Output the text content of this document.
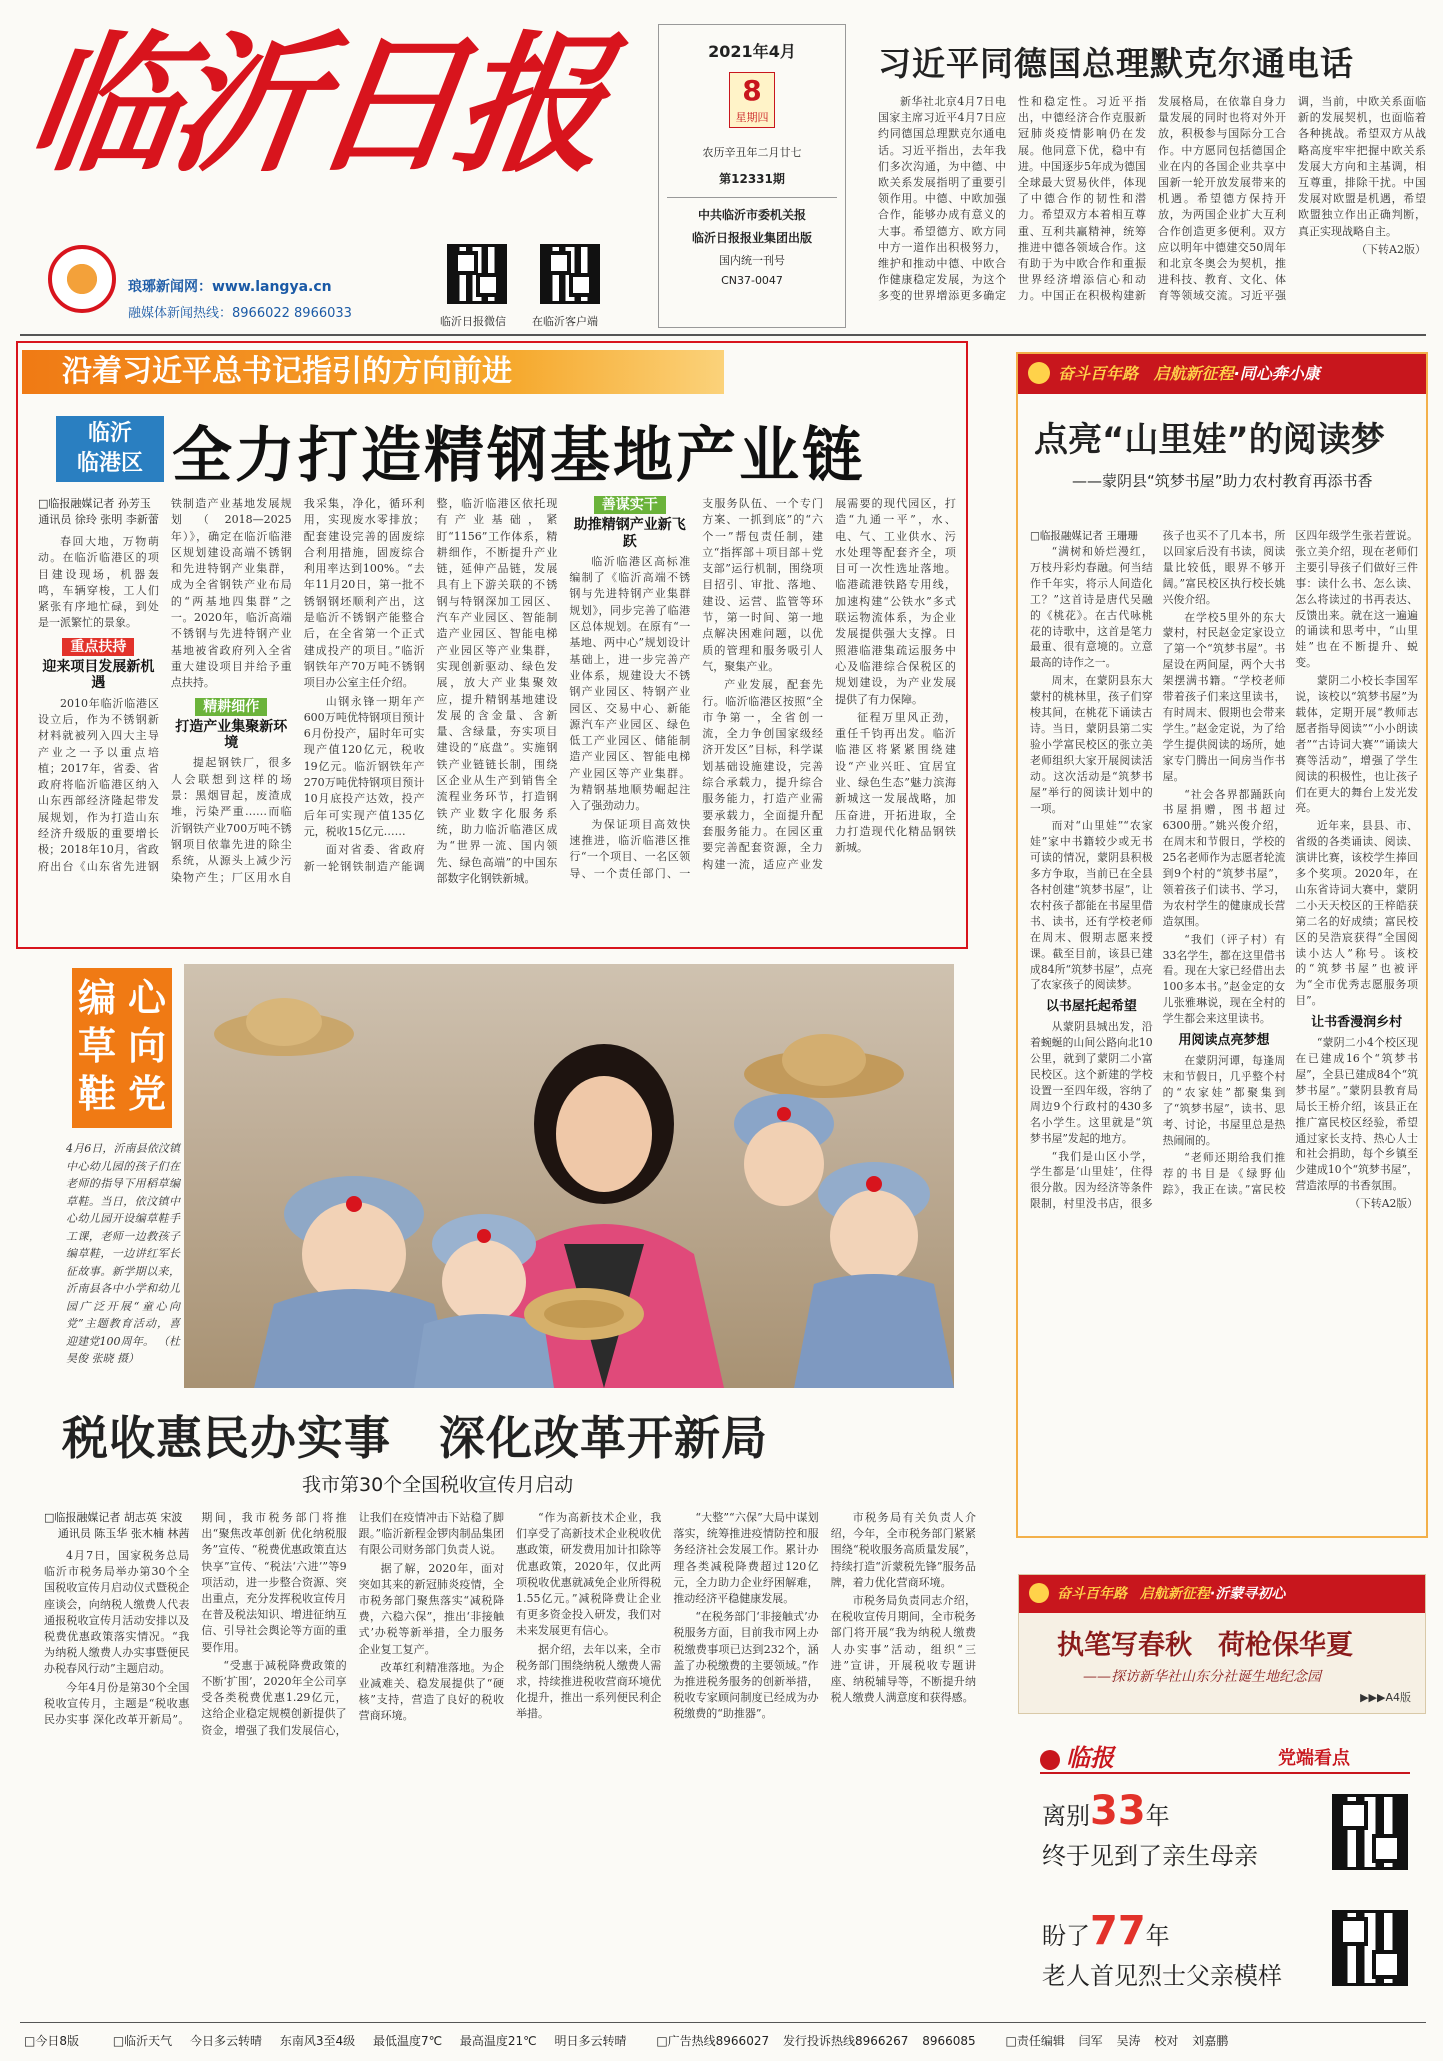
临沂日报
琅琊新闻网：www.langya.cn
融媒体新闻热线：8966022 8966033
临沂日报微信 在临沂客户端
2021年4月
8
星期四
农历辛丑年二月廿七
第12331期
中共临沂市委机关报
临沂日报报业集团出版
国内统一刊号
CN37-0047
习近平同德国总理默克尔通电话

新华社北京4月7日电 国家主席习近平4月7日应约同德国总理默克尔通电话。习近平指出，去年我们多次沟通，为中德、中欧关系发展指明了重要引领作用。中德、中欧加强合作，能够办成有意义的大事。希望德方、欧方同中方一道作出积极努力，维护和推动中德、中欧合作健康稳定发展，为这个多变的世界增添更多确定性和稳定性。习近平指出，中德经济合作克服新冠肺炎疫情影响仍在发展。他同意下优，稳中有进。中国逐步5年成为德国全球最大贸易伙伴，体现了中德合作的韧性和潜力。希望双方本着相互尊重、互利共赢精神，统筹推进中德各领域合作。这有助于为中欧合作和重振世界经济增添信心和动力。中国正在积极构建新发展格局，在依靠自身力量发展的同时也将对外开放，积极参与国际分工合作。中方愿同包括德国企业在内的各国企业共享中国新一轮开放发展带来的机遇。希望德方保持开放，为两国企业扩大互利合作创造更多便利。双方应以明年中德建交50周年和北京冬奥会为契机，推进科技、教育、文化、体育等领域交流。习近平强调，当前，中欧关系面临新的发展契机，也面临着各种挑战。希望双方从战略高度牢牢把握中欧关系发展大方向和主基调，相互尊重，排除干扰。中国发展对欧盟是机遇，希望欧盟独立作出正确判断，真正实现战略自主。

（下转A2版）

沿着习近平总书记指引的方向前进
临沂
临港区 全力打造精钢基地产业链
□临报融媒记者 孙芳玉
通讯员 徐玲 张明 李新蕾

春回大地，万物萌动。在临沂临港区的项目建设现场，机器轰鸣，车辆穿梭，工人们紧张有序地忙碌，到处是一派繁忙的景象。

重点扶持
迎来项目发展新机遇

2010年临沂临港区设立后，作为不锈钢新材料就被列入四大主导产业之一予以重点培植；2017年，省委、省政府将临沂临港区纳入山东西部经济隆起带发展规划，作为打造山东经济升级版的重要增长极；2018年10月，省政府出台《山东省先进钢铁制造产业基地发展规划（2018—2025年）》，确定在临沂临港区规划建设高端不锈钢和先进特钢产业集群，成为全省钢铁产业布局的“两基地四集群”之一。2020年，临沂高端不锈钢与先进特钢产业基地被省政府列入全省重大建设项目并给予重点扶持。

精耕细作
打造产业集聚新环境

提起钢铁厂，很多人会联想到这样的场景：黑烟冒起，废渣成堆，污染严重……而临沂钢铁产业700万吨不锈钢项目依靠先进的除尘系统，从源头上减少污染物产生；厂区用水自我采集，净化，循环利用，实现废水零排放；配套建设完善的固废综合利用措施，固废综合利用率达到100%。“去年11月20日，第一批不锈钢钢坯顺利产出，这是临沂不锈钢产能整合后，在全省第一个正式建成投产的项目。”临沂钢铁年产70万吨不锈钢项目办公室主任介绍。

山钢永锋一期年产600万吨优特钢项目预计6月份投产，届时年可实现产值120亿元，税收19亿元。临沂钢铁年产270万吨优特钢项目预计10月底投产达效，投产后年可实现产值135亿元，税收15亿元……

面对省委、省政府新一轮钢铁制造产能调整，临沂临港区依托现有产业基础，紧盯“1156”工作体系，精耕细作，不断提升产业链，延伸产品链，发展具有上下游关联的不锈钢与特钢深加工园区、汽车产业园区、智能制造产业园区、智能电梯产业园区等产业集群，实现创新驱动、绿色发展，放大产业集聚效应，提升精钢基地建设发展的含金量、含新量、含绿量，夯实项目建设的“底盘”。实施钢铁产业链链长制，围绕区企业从生产到销售全流程业务环节，打造钢铁产业数字化服务系统，助力临沂临港区成为“世界一流、国内领先、绿色高端”的中国东部数字化钢铁新城。

善谋实干
助推精钢产业新飞跃

临沂临港区高标准编制了《临沂高端不锈钢与先进特钢产业集群规划》，同步完善了临港区总体规划。在原有“一基地、两中心”规划设计基础上，进一步完善产业体系，规建设大不锈钢产业园区、特钢产业园区、交易中心、新能源汽车产业园区、绿色低工产业园区、储能制造产业园区、智能电梯产业园区等产业集群。为精钢基地顺势崛起注入了强劲动力。

为保证项目高效快速推进，临沂临港区推行“一个项目、一名区领导、一个责任部门、一支服务队伍、一个专门方案、一抓到底”的“六个一”帮包责任制，建立“指挥部＋项目部＋党支部”运行机制，围绕项目招引、审批、落地、建设、运营、监管等环节，第一时间、第一地点解决困难问题，以优质的管理和服务吸引人气，聚集产业。

产业发展，配套先行。临沂临港区按照“全市争第一，全省创一流，全力争创国家级经济开发区”目标，科学谋划基础设施建设，完善综合承载力，提升综合服务能力，打造产业需要承载力，全面提升配套服务能力。在园区重要完善配套资源，全力构建一流，适应产业发展需要的现代园区，打造“九通一平”，水、电、气、工业供水、污水处理等配套齐全，项目可一次性选址落地。临港疏港铁路专用线，加速构建“公铁水”多式联运物流体系，为企业发展提供强大支撑。日照港临港集疏运服务中心及临港综合保税区的规划建设，为产业发展提供了有力保障。

征程万里风正劲，重任千钧再出发。临沂临港区将紧紧围绕建设“产业兴旺、宜居宜业、绿色生态”魅力滨海新城这一发展战略，加压奋进，开拓进取，全力打造现代化精品钢铁新城。

心
向
党
编
草
鞋
4月6日，沂南县依汶镇中心幼儿园的孩子们在老师的指导下用稻草编草鞋。当日，依汶镇中心幼儿园开设编草鞋手工课，老师一边教孩子编草鞋，一边讲红军长征故事。新学期以来，沂南县各中小学和幼儿园广泛开展“童心向党”主题教育活动，喜迎建党100周年。 （杜昊俊 张晓 摄）
奋斗百年路 启航新征程·同心奔小康
点亮“山里娃”的阅读梦
——蒙阴县“筑梦书屋”助力农村教育再添书香
□临报融媒记者 王珊珊

“满树和娇烂漫红，万枝丹彩灼春融。何当结作千年实，将示人间造化工？”这首诗是唐代吴融的《桃花》。在古代咏桃花的诗歌中，这首是笔力最重、很有意境的。立意最高的诗作之一。

周末，在蒙阴县东大蒙村的桃林里，孩子们穿梭其间，在桃花下诵读古诗。当日，蒙阴县第二实验小学富民校区的张立美老师组织大家开展阅读活动。这次活动是“筑梦书屋”举行的阅读计划中的一项。

而对“山里娃”“农家娃”家中书籍较少或无书可读的情况，蒙阴县积极多方争取，当前已在全县各村创建“筑梦书屋”，让农村孩子都能在书屋里借书、读书，还有学校老师在周末、假期志愿来授课。截至目前，该县已建成84所“筑梦书屋”，点亮了农家孩子的阅读梦。

以书屋托起希望

从蒙阴县城出发，沿着蜿蜒的山间公路向北10公里，就到了蒙阴二小富民校区。这个新建的学校设置一至四年级，容纳了周边9个行政村的430多名小学生。这里就是“筑梦书屋”发起的地方。

“我们是山区小学，学生都是‘山里娃’，住得很分散。因为经济等条件限制，村里没书店，很多孩子也买不了几本书，所以回家后没有书读，阅读量比较低，眼界不够开阔。”富民校区执行校长姚兴俊介绍。

在学校5里外的东大蒙村，村民赵金定家设立了第一个“筑梦书屋”。书屋设在两间屋，两个大书架摆满书籍。“学校老师带着孩子们来这里读书，有时周末、假期也会带来学生。”赵金定说，为了给学生提供阅读的场所，她家专门腾出一间房当作书屋。

“社会各界都踊跃向书屋捐赠，图书超过6300册。”姚兴俊介绍，在周末和节假日，学校的25名老师作为志愿者轮流到9个村的“筑梦书屋”，领着孩子们读书、学习，为农村学生的健康成长营造氛围。

“我们（评子村）有33名学生，都在这里借书看。现在大家已经借出去100多本书。”赵金定的女儿张雅琳说，现在全村的学生都会来这里读书。

用阅读点亮梦想

在蒙阴河谭，每逢周末和节假日，几乎整个村的“农家娃”都聚集到了“筑梦书屋”，读书、思考、讨论，书屋里总是热热闹闹的。

“老师还期给我们推荐的书目是《绿野仙踪》，我正在读。”富民校区四年级学生张若萱说。张立美介绍，现在老师们主要引导孩子们做好三件事：读什么书、怎么读、怎么将读过的书再表达、反馈出来。就在这一遍遍的诵读和思考中，“山里娃”也在不断提升、蜕变。

蒙阴二小校长李国军说，该校以“筑梦书屋”为载体，定期开展“教师志愿者指导阅读”“小小朗读者”“古诗词大赛”“诵读大赛等活动”，增强了学生阅读的积极性，也让孩子们在更大的舞台上发光发亮。

近年来，县县、市、省级的各类诵读、阅读、演讲比赛，该校学生捧回多个奖项。2020年，在山东省诗词大赛中，蒙阴二小天天校区的王梓皓获第二名的好成绩；富民校区的吴浩宸获得“全国阅读小达人”称号。该校的“筑梦书屋”也被评为“全市优秀志愿服务项目”。

让书香漫润乡村

“蒙阴二小4个校区现在已建成16个“筑梦书屋”，全县已建成84个“筑梦书屋”。”蒙阴县教育局局长王桥介绍，该县正在推广富民校区经验，希望通过家长支持、热心人士和社会捐助，每个乡镇至少建成10个“筑梦书屋”，营造浓厚的书香氛围。

（下转A2版）

税收惠民办实事 深化改革开新局
我市第30个全国税收宣传月启动
□临报融媒记者 胡志英 宋波
通讯员 陈玉华 张木楠 林茜

4月7日，国家税务总局临沂市税务局举办第30个全国税收宣传月启动仪式暨税企座谈会，向纳税人缴费人代表通报税收宣传月活动安排以及税费优惠政策落实情况。“我为纳税人缴费人办实事暨便民办税春风行动”主题启动。

今年4月份是第30个全国税收宣传月，主题是“税收惠民办实事 深化改革开新局”。期间，我市税务部门将推出“聚焦改革创新 优化纳税服务”宣传、“税费优惠政策直达快享”宣传、“税法‘六进’”等9项活动，进一步整合资源、突出重点，充分发挥税收宣传月在普及税法知识、增进征纳互信、引导社会舆论等方面的重要作用。

“受惠于减税降费政策的不断‘扩围’，2020年全公司享受各类税费优惠1.29亿元，这给企业稳定规模创新提供了资金，增强了我们发展信心，让我们在疫情冲击下站稳了脚跟。”临沂新程金锣肉制品集团有限公司财务部门负责人说。

据了解，2020年，面对突如其来的新冠肺炎疫情，全市税务部门聚焦落实“减税降费，六稳六保”，推出‘非接触式’办税等新举措，全力服务企业复工复产。

改革红利精准落地。为企业减难关、稳发展提供了“硬核”支持，营造了良好的税收营商环境。

“作为高新技术企业，我们享受了高新技术企业税收优惠政策，研发费用加计扣除等优惠政策，2020年，仅此两项税收优惠就减免企业所得税1.55亿元。”减税降费让企业有更多资金投入研发，我们对未来发展更有信心。

据介绍，去年以来，全市税务部门围绕纳税人缴费人需求，持续推进税收营商环境优化提升，推出一系列便民利企举措。

“大整”“六保”大局中谋划落实，统筹推进疫情防控和服务经济社会发展工作。累计办理各类减税降费超过120亿元，全力助力企业纾困解难，推动经济平稳健康发展。

“在税务部门‘非接触式’办税服务方面，目前我市网上办税缴费事项已达到232个，涵盖了办税缴费的主要领域。”作为推进税务服务的创新举措，税收专家顾问制度已经成为办税缴费的“助推器”。

市税务局有关负责人介绍，今年，全市税务部门紧紧围绕“税收服务高质量发展”，持续打造“沂蒙税先锋”服务品牌，着力优化营商环境。

市税务局负责同志介绍，在税收宣传月期间，全市税务部门将开展“我为纳税人缴费人办实事”活动，组织“三进”宣讲，开展税收专题讲座、纳税辅导等，不断提升纳税人缴费人满意度和获得感。

奋斗百年路 启航新征程·沂蒙寻初心
执笔写春秋 荷枪保华夏
——探访新华社山东分社诞生地纪念园
▶▶▶A4版
临报	党端看点
离别33年
终于见到了亲生母亲
盼了77年
老人首见烈士父亲模样
□今日8版	□临沂天气 今日多云转晴 东南风3至4级 最低温度7℃ 最高温度21℃ 明日多云转晴 □广告热线8966027 发行投诉热线8966267 8966085 □责任编辑 闫军 吴涛 校对 刘嘉鹏
